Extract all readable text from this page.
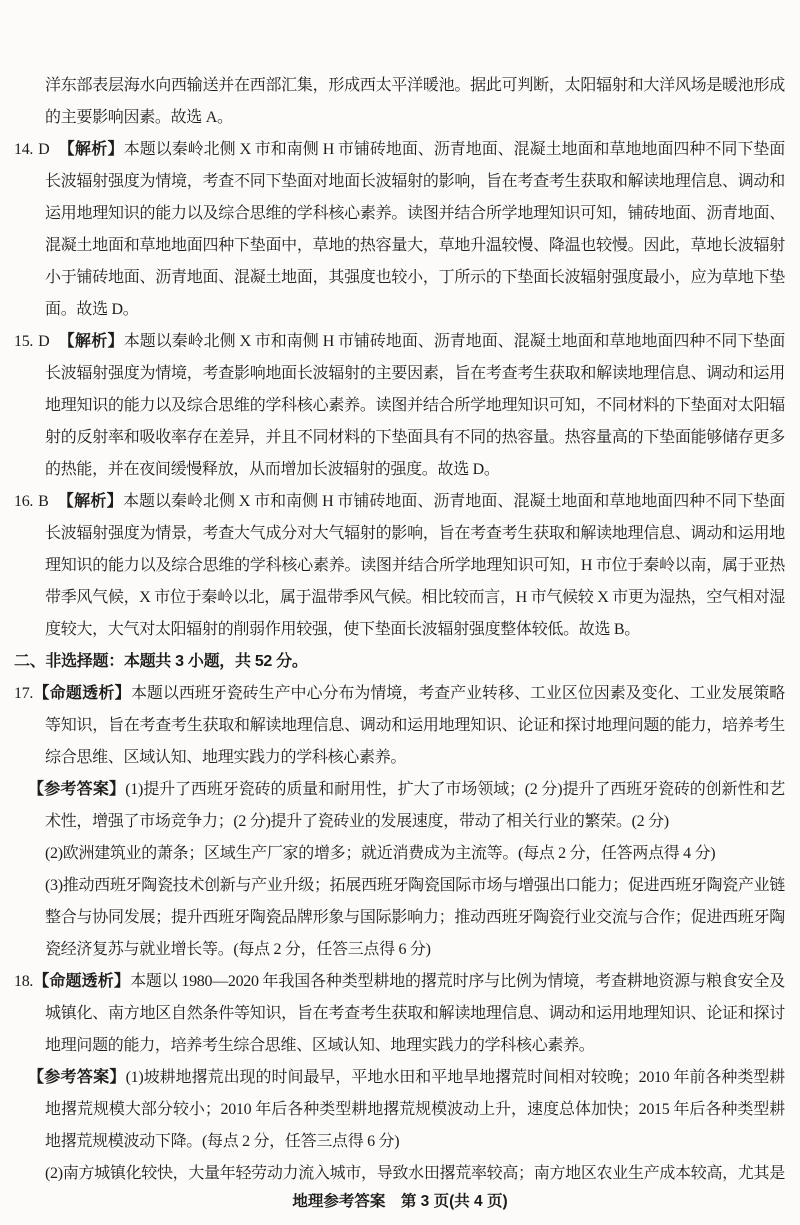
洋东部表层海水向西输送并在西部汇集，形成西太平洋暖池。据此可判断，太阳辐射和大洋风场是暖池形成的主要影响因素。故选 A。

14. D 【解析】本题以秦岭北侧 X 市和南侧 H 市铺砖地面、沥青地面、混凝土地面和草地地面四种不同下垫面长波辐射强度为情境，考查不同下垫面对地面长波辐射的影响，旨在考查考生获取和解读地理信息、调动和运用地理知识的能力以及综合思维的学科核心素养。读图并结合所学地理知识可知，铺砖地面、沥青地面、混凝土地面和草地地面四种下垫面中，草地的热容量大，草地升温较慢、降温也较慢。因此，草地长波辐射小于铺砖地面、沥青地面、混凝土地面，其强度也较小，丁所示的下垫面长波辐射强度最小，应为草地下垫面。故选 D。

15. D 【解析】本题以秦岭北侧 X 市和南侧 H 市铺砖地面、沥青地面、混凝土地面和草地地面四种不同下垫面长波辐射强度为情境，考查影响地面长波辐射的主要因素，旨在考查考生获取和解读地理信息、调动和运用地理知识的能力以及综合思维的学科核心素养。读图并结合所学地理知识可知，不同材料的下垫面对太阳辐射的反射率和吸收率存在差异，并且不同材料的下垫面具有不同的热容量。热容量高的下垫面能够储存更多的热能，并在夜间缓慢释放，从而增加长波辐射的强度。故选 D。

16. B 【解析】本题以秦岭北侧 X 市和南侧 H 市铺砖地面、沥青地面、混凝土地面和草地地面四种不同下垫面长波辐射强度为情景，考查大气成分对大气辐射的影响，旨在考查考生获取和解读地理信息、调动和运用地理知识的能力以及综合思维的学科核心素养。读图并结合所学地理知识可知，H 市位于秦岭以南，属于亚热带季风气候，X 市位于秦岭以北，属于温带季风气候。相比较而言，H 市气候较 X 市更为湿热，空气相对湿度较大，大气对太阳辐射的削弱作用较强，使下垫面长波辐射强度整体较低。故选 B。

二、非选择题：本题共 3 小题，共 52 分。

17.【命题透析】本题以西班牙瓷砖生产中心分布为情境，考查产业转移、工业区位因素及变化、工业发展策略等知识，旨在考查考生获取和解读地理信息、调动和运用地理知识、论证和探讨地理问题的能力，培养考生综合思维、区域认知、地理实践力的学科核心素养。

【参考答案】(1)提升了西班牙瓷砖的质量和耐用性，扩大了市场领域；(2 分)提升了西班牙瓷砖的创新性和艺术性，增强了市场竞争力；(2 分)提升了瓷砖业的发展速度，带动了相关行业的繁荣。(2 分)

(2)欧洲建筑业的萧条；区域生产厂家的增多；就近消费成为主流等。(每点 2 分，任答两点得 4 分)

(3)推动西班牙陶瓷技术创新与产业升级；拓展西班牙陶瓷国际市场与增强出口能力；促进西班牙陶瓷产业链整合与协同发展；提升西班牙陶瓷品牌形象与国际影响力；推动西班牙陶瓷行业交流与合作；促进西班牙陶瓷经济复苏与就业增长等。(每点 2 分，任答三点得 6 分)

18.【命题透析】本题以 1980—2020 年我国各种类型耕地的撂荒时序与比例为情境，考查耕地资源与粮食安全及城镇化、南方地区自然条件等知识，旨在考查考生获取和解读地理信息、调动和运用地理知识、论证和探讨地理问题的能力，培养考生综合思维、区域认知、地理实践力的学科核心素养。

【参考答案】(1)坡耕地撂荒出现的时间最早，平地水田和平地旱地撂荒时间相对较晚；2010 年前各种类型耕地撂荒规模大部分较小；2010 年后各种类型耕地撂荒规模波动上升，速度总体加快；2015 年后各种类型耕地撂荒规模波动下降。(每点 2 分，任答三点得 6 分)

(2)南方城镇化较快，大量年轻劳动力流入城市，导致水田撂荒率较高；南方地区农业生产成本较高，尤其是

地理参考答案　第 3 页(共 4 页)
